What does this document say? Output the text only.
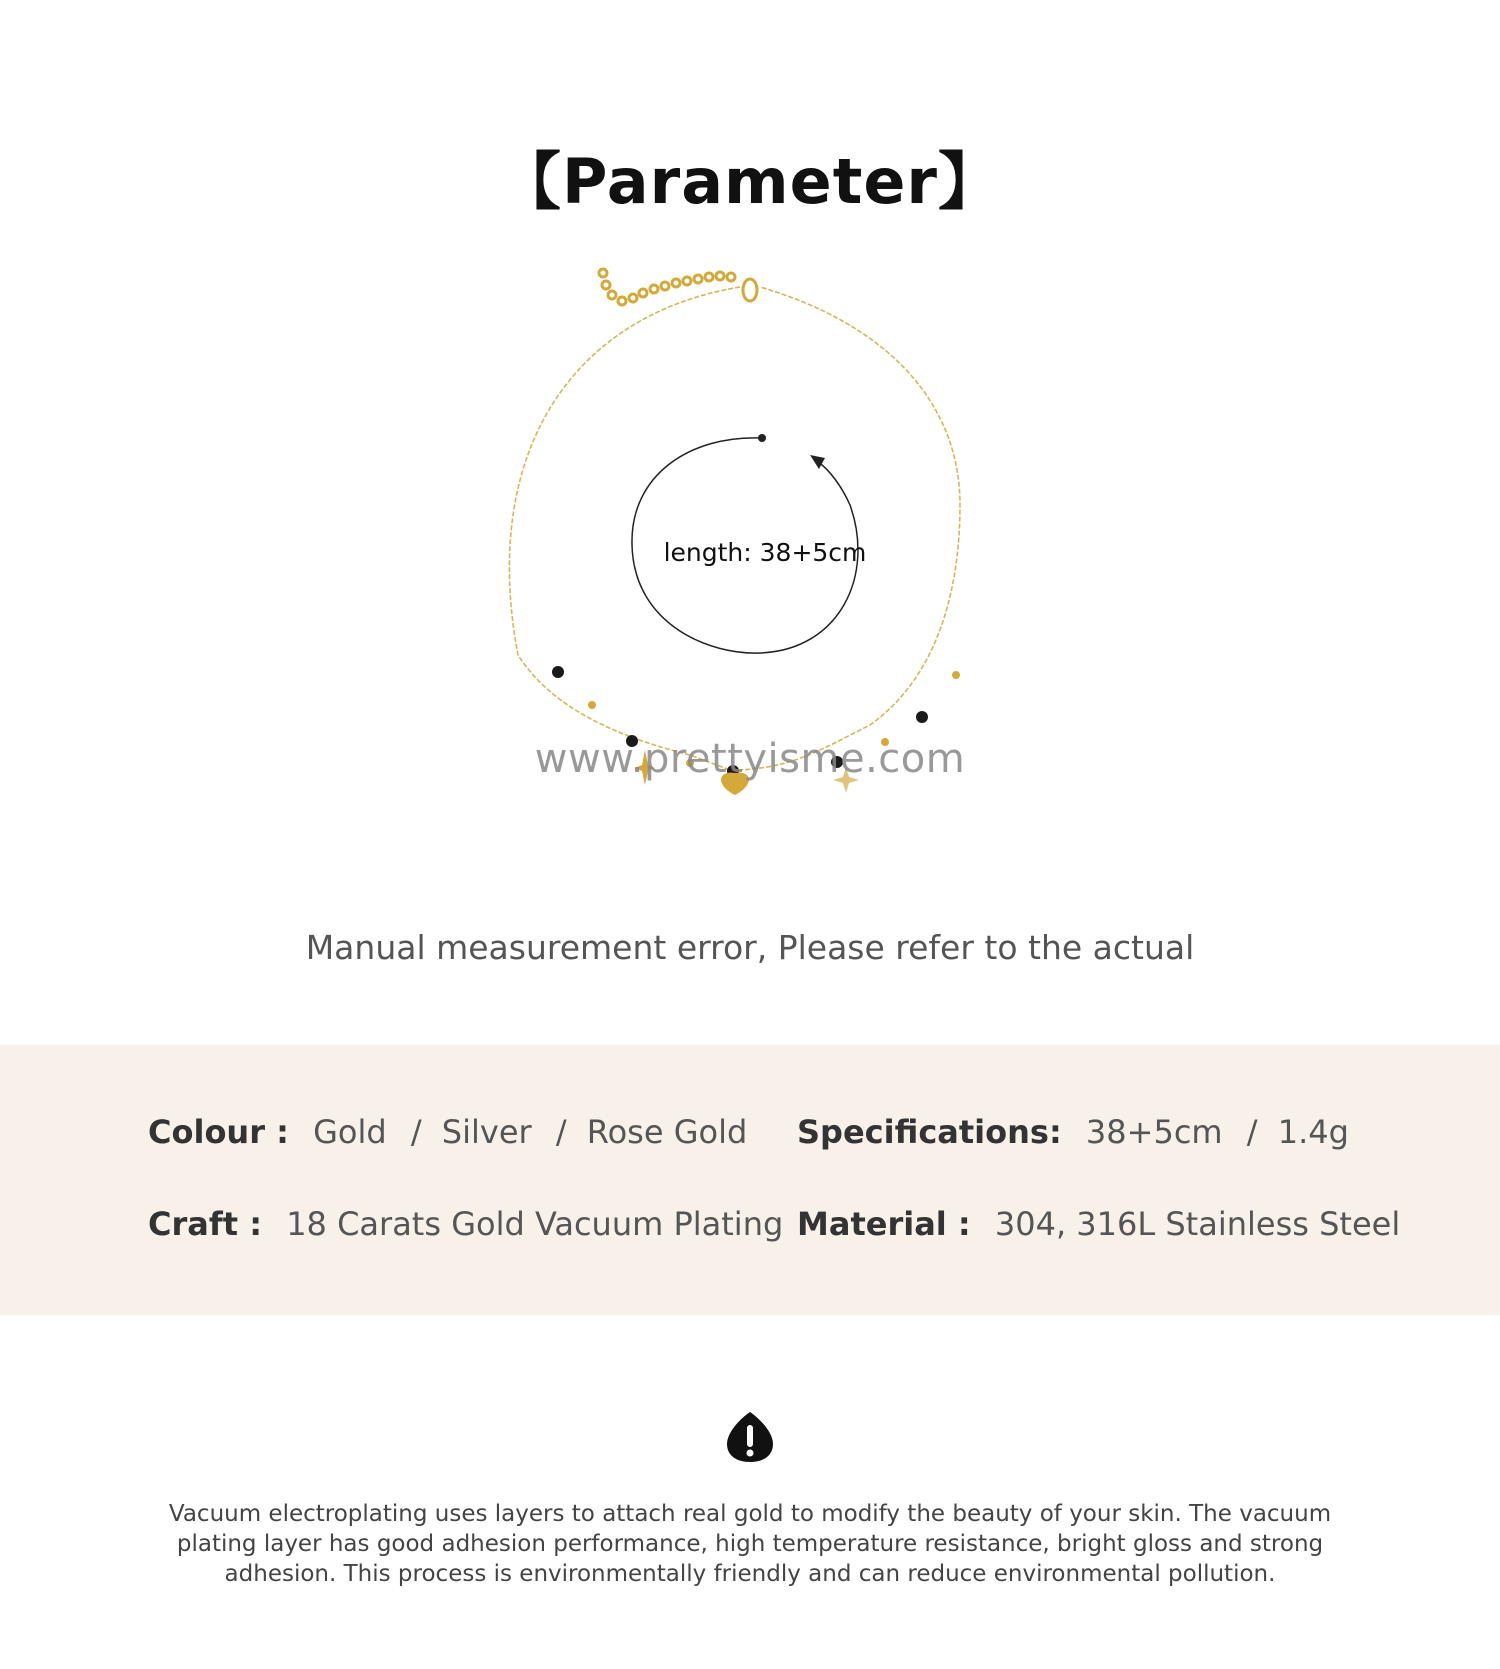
【Parameter】
length: 38+5cm
www.prettyisme.com
Manual measurement error, Please refer to the actual
Colour : Gold / Silver / Rose Gold Specifications: 38+5cm / 1.4g
Craft : 18 Carats Gold Vacuum Plating Material : 304, 316L Stainless Steel
Vacuum electroplating uses layers to attach real gold to modify the beauty of your skin. The vacuum plating layer has good adhesion performance, high temperature resistance, bright gloss and strong adhesion. This process is environmentally friendly and can reduce environmental pollution.
